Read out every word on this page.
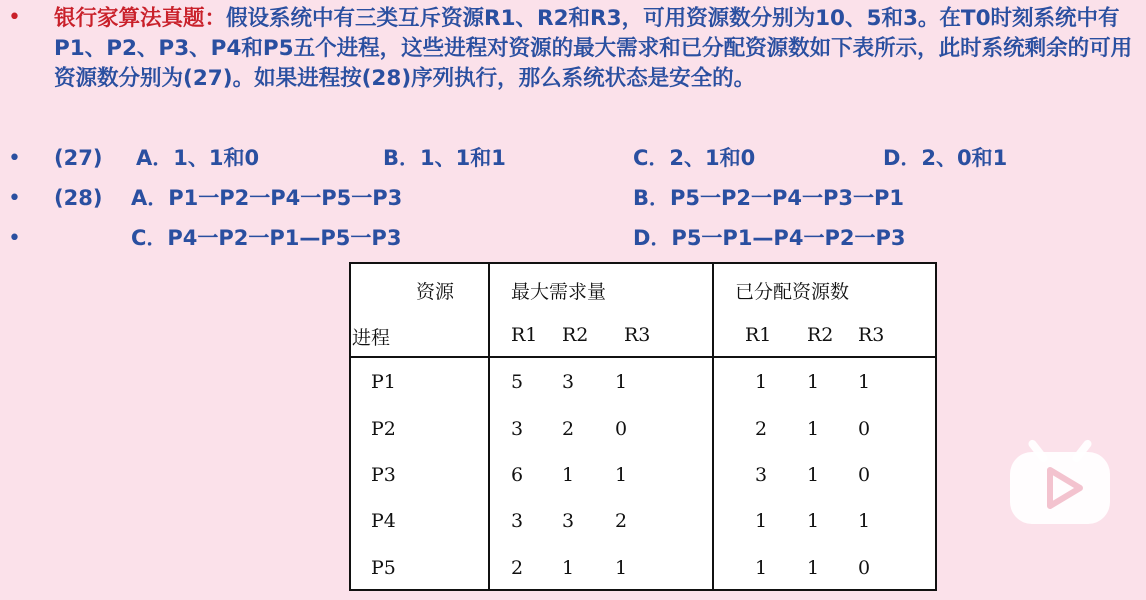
•
•
•
•
银行家算法真题：假设系统中有三类互斥资源R1、R2和R3，可用资源数分别为10、5和3。在T0时刻系统中有P1、P2、P3、P4和P5五个进程，这些进程对资源的最大需求和已分配资源数如下表所示，此时系统剩余的可用资源数分别为(27)。如果进程按(28)序列执行，那么系统状态是安全的。
(27) A．1、1和0	B．1、1和1	C．2、1和0	D．2、0和1
(28) A．P1一P2一P4一P5一P3	B．P5一P2一P4一P3一P1
C．P4一P2一P1—P5一P3	D．P5一P1—P4一P2一P3
资源
进程
最大需求量	已分配资源数
R1 R2 R3	R1 R2 R3
P1	5 3 1	1 1 1
P2	3 2 0	2 1 0
P3	6 1 1	3 1 0
P4	3 3 2	1 1 1
P5	2 1 1	1 1 0
